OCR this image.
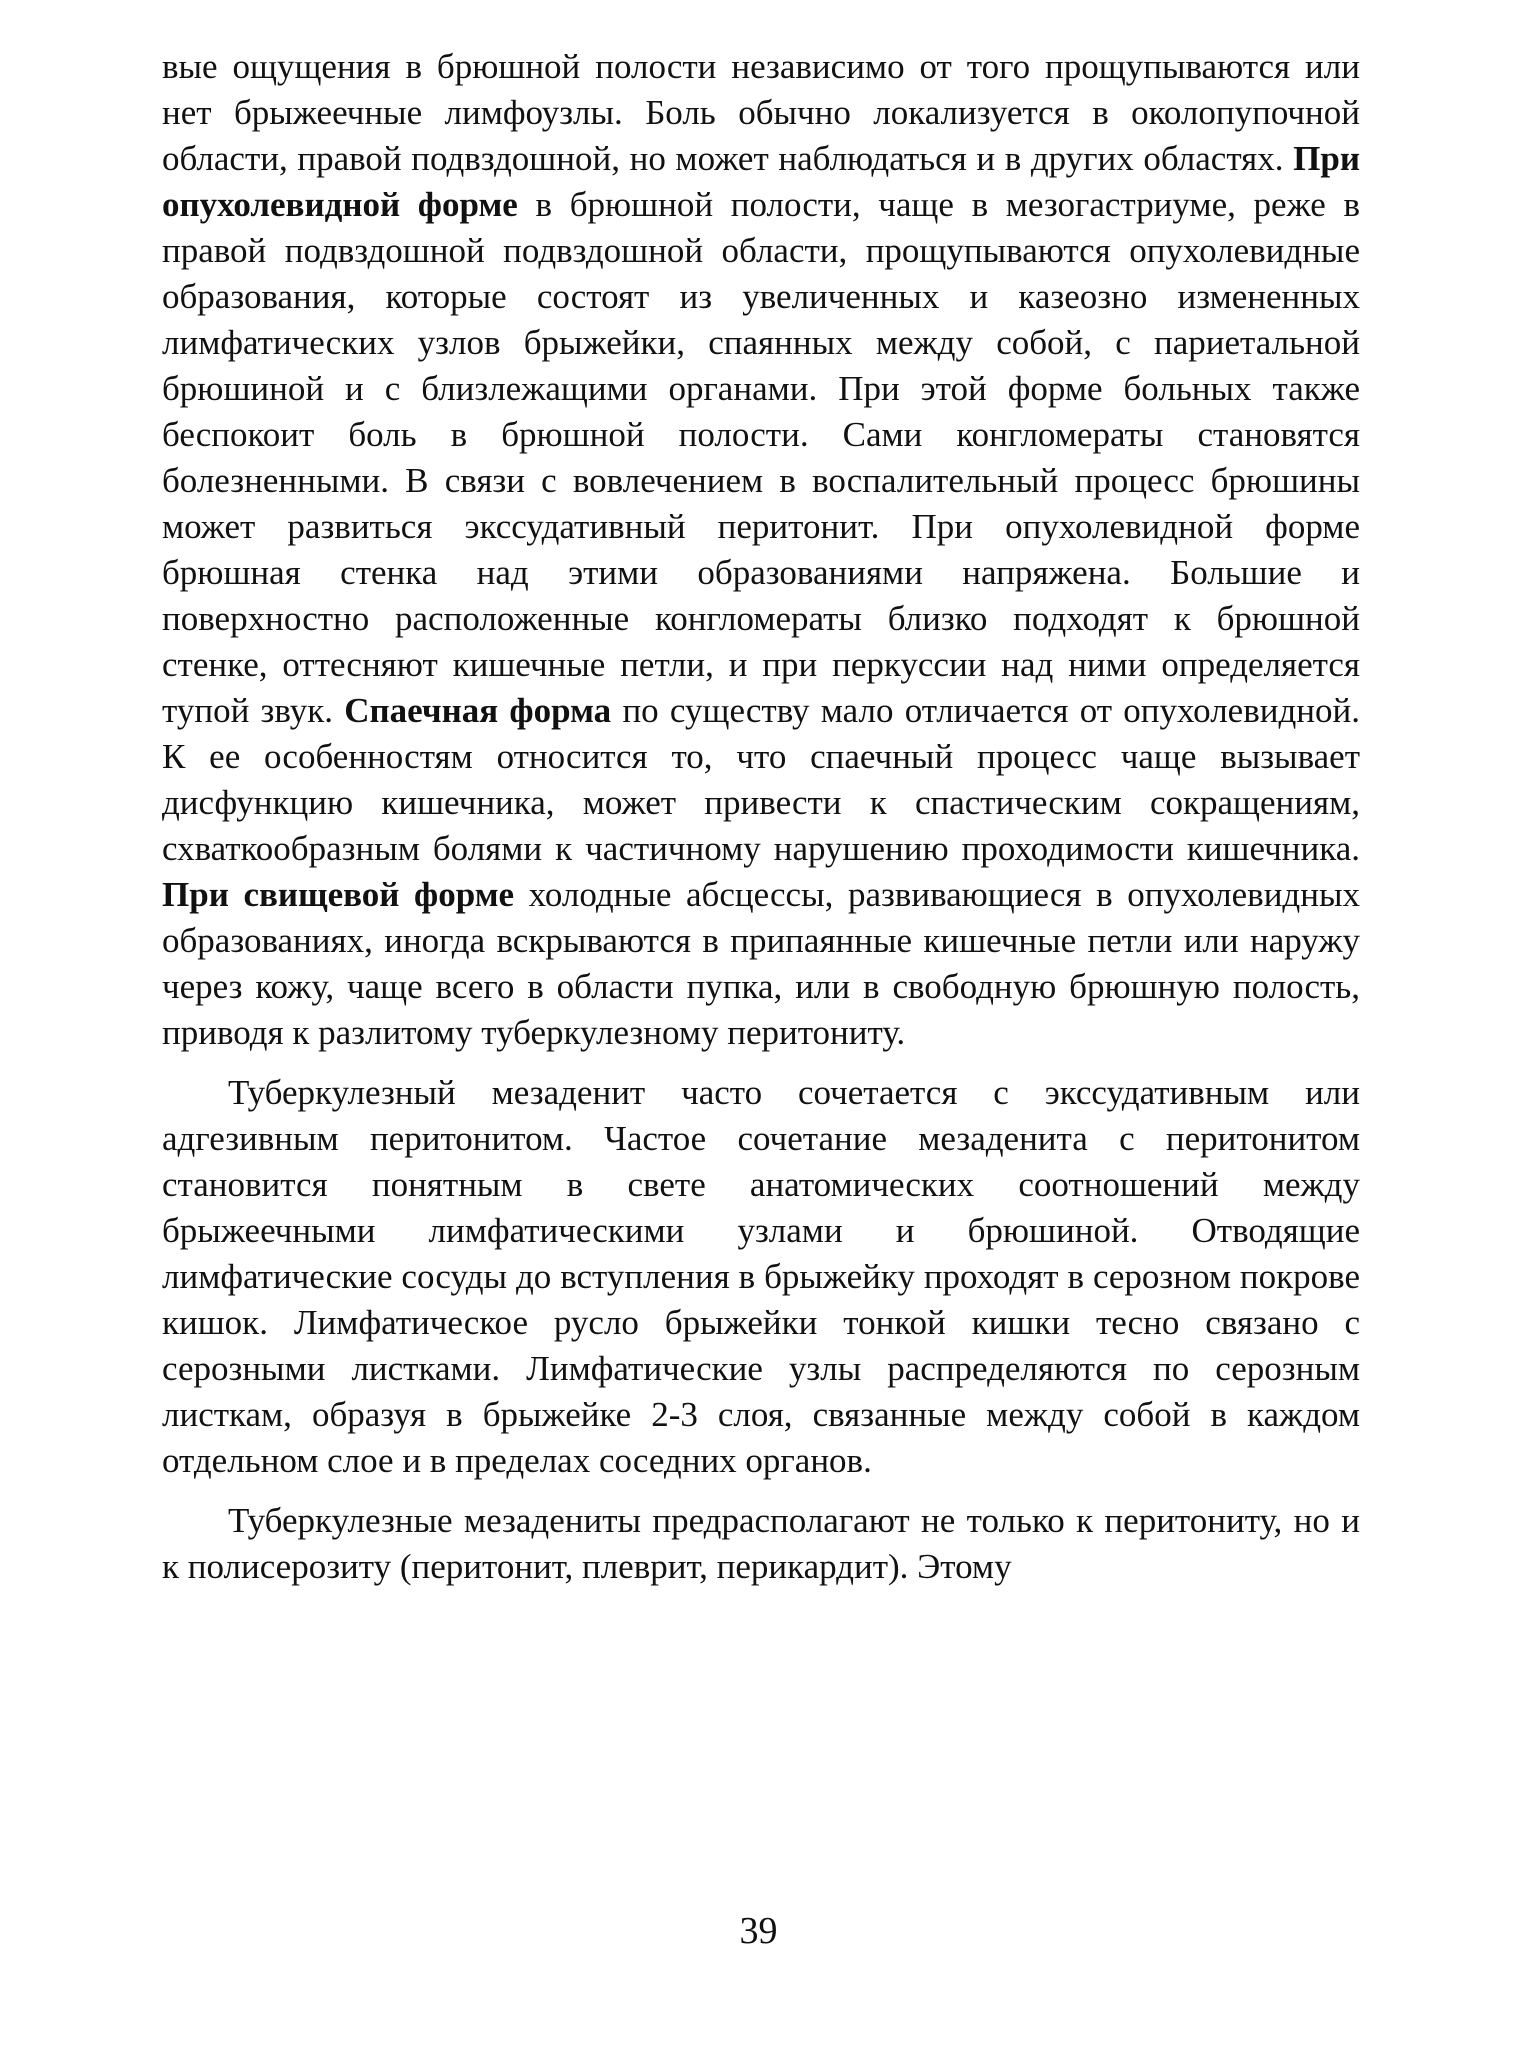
вые ощущения в брюшной полости независимо от того прощупываются или нет брыжеечные лимфоузлы. Боль обычно локализуется в околопупочной области, правой подвздошной, но может наблюдаться и в других областях. При опухолевидной форме в брюшной полости, чаще в мезогастриуме, реже в правой подвздошной подвздошной области, прощупываются опухолевидные образования, которые состоят из увеличенных и казеозно измененных лимфатических узлов брыжейки, спаянных между собой, с париетальной брюшиной и с близлежащими органами. При этой форме больных также беспокоит боль в брюшной полости. Сами конгломераты становятся болезненными. В связи с вовлечением в воспалительный процесс брюшины может развиться экссудативный перитонит. При опухолевидной форме брюшная стенка над этими образованиями напряжена. Большие и поверхностно расположенные конгломераты близко подходят к брюшной стенке, оттесняют кишечные петли, и при перкуссии над ними определяется тупой звук. Спаечная форма по существу мало отличается от опухолевидной. К ее особенностям относится то, что спаечный процесс чаще вызывает дисфункцию кишечника, может привести к спастическим сокращениям, схваткообразным болями к частичному нарушению проходимости кишечника. При свищевой форме холодные абсцессы, развивающиеся в опухолевидных образованиях, иногда вскрываются в припаянные кишечные петли или наружу через кожу, чаще всего в области пупка, или в свободную брюшную полость, приводя к разлитому туберкулезному перитониту.

Туберкулезный мезаденит часто сочетается с экссудативным или адгезивным перитонитом. Частое сочетание мезаденита с перитонитом становится понятным в свете анатомических соотношений между брыжеечными лимфатическими узлами и брюшиной. Отводящие лимфатические сосуды до вступления в брыжейку проходят в серозном покрове кишок. Лимфатическое русло брыжейки тонкой кишки тесно связано с серозными листками. Лимфатические узлы распределяются по серозным листкам, образуя в брыжейке 2-3 слоя, связанные между собой в каждом отдельном слое и в пределах соседних органов.

Туберкулезные мезадениты предрасполагают не только к перитониту, но и к полисерозиту (перитонит, плеврит, перикардит). Этому

39
